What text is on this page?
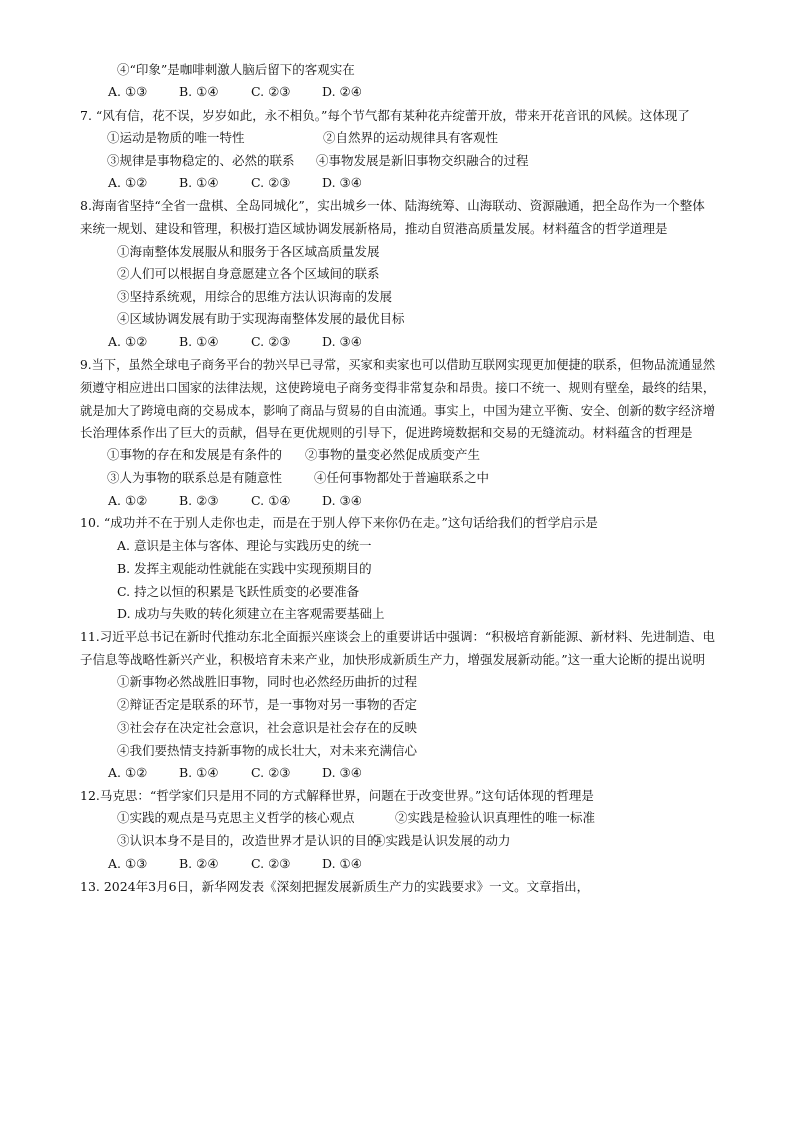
④“印象”是咖啡刺激人脑后留下的客观实在
A. ①③	B. ①④	C. ②③	D. ②④
7. “风有信，花不误，岁岁如此，永不相负。”每个节气都有某种花卉绽蕾开放，带来开花音讯的风候。这体现了
①运动是物质的唯一特性	②自然界的运动规律具有客观性
③规律是事物稳定的、必然的联系 ④事物发展是新旧事物交织融合的过程
A. ①②	B. ①④	C. ②③	D. ③④
8.海南省坚持“全省一盘棋、全岛同城化”，实出城乡一体、陆海统筹、山海联动、资源融通，把全岛作为一个整体
来统一规划、建设和管理，积极打造区域协调发展新格局，推动自贸港高质量发展。材料蕴含的哲学道理是
①海南整体发展服从和服务于各区域高质量发展
②人们可以根据自身意愿建立各个区域间的联系
③坚持系统观，用综合的思维方法认识海南的发展
④区域协调发展有助于实现海南整体发展的最优目标
A. ①②	B. ①④	C. ②③	D. ③④
9.当下，虽然全球电子商务平台的勃兴早已寻常，买家和卖家也可以借助互联网实现更加便捷的联系，但物品流通显然
须遵守相应进出口国家的法律法规，这使跨境电子商务变得非常复杂和昂贵。接口不统一、规则有壁垒，最终的结果，
就是加大了跨境电商的交易成本，影响了商品与贸易的自由流通。事实上，中国为建立平衡、安全、创新的数字经济增
长治理体系作出了巨大的贡献，倡导在更优规则的引导下，促进跨境数据和交易的无缝流动。材料蕴含的哲理是
①事物的存在和发展是有条件的 ②事物的量变必然促成质变产生
③人为事物的联系总是有随意性	④任何事物都处于普遍联系之中
A. ①②	B. ②③	C. ①④	D. ③④
10. “成功并不在于别人走你也走，而是在于别人停下来你仍在走。”这句话给我们的哲学启示是
A. 意识是主体与客体、理论与实践历史的统一
B. 发挥主观能动性就能在实践中实现预期目的
C. 持之以恒的积累是飞跃性质变的必要准备
D. 成功与失败的转化须建立在主客观需要基础上
11.习近平总书记在新时代推动东北全面振兴座谈会上的重要讲话中强调：“积极培育新能源、新材料、先进制造、电
子信息等战略性新兴产业，积极培育未来产业，加快形成新质生产力，增强发展新动能。”这一重大论断的提出说明
①新事物必然战胜旧事物，同时也必然经历曲折的过程
②辩证否定是联系的环节，是一事物对另一事物的否定
③社会存在决定社会意识，社会意识是社会存在的反映
④我们要热情支持新事物的成长壮大，对未来充满信心
A. ①②	B. ①④	C. ②③	D. ③④
12.马克思：“哲学家们只是用不同的方式解释世界，问题在于改变世界。”这句话体现的哲理是
①实践的观点是马克思主义哲学的核心观点	②实践是检验认识真理性的唯一标准
③认识本身不是目的，改造世界才是认识的目的
④实践是认识发展的动力
A. ①③	B. ②④	C. ②③	D. ①④
13. 2024年3月6日，新华网发表《深刻把握发展新质生产力的实践要求》一文。文章指出，
